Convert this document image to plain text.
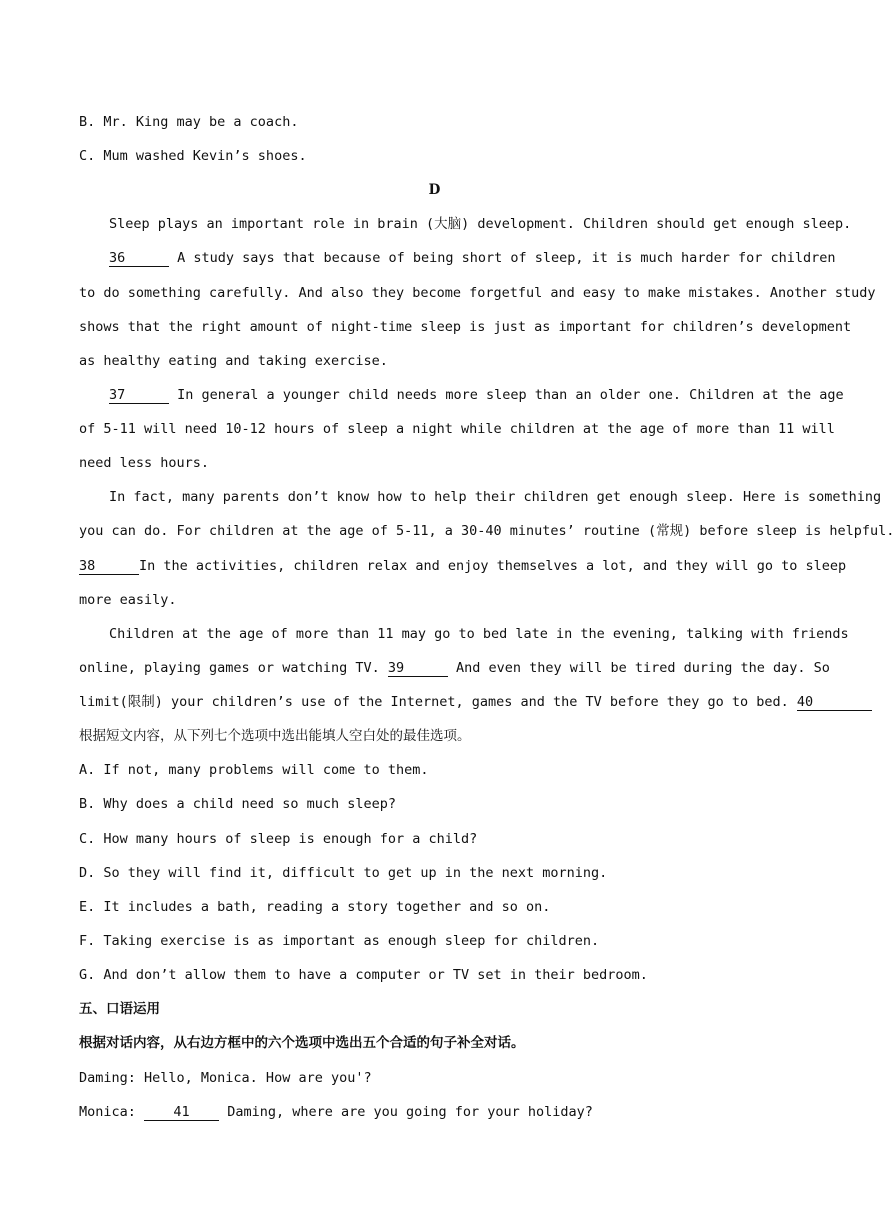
B. Mr. King may be a coach.
C. Mum washed Kevin’s shoes.
D
Sleep plays an important role in brain (大脑) development. Children should get enough sleep.
36	A study says that because of being short of sleep, it is much harder for children
to do something carefully. And also they become forgetful and easy to make mistakes. Another study
shows that the right amount of night-time sleep is just as important for children’s development
as healthy eating and taking exercise.
37	In general a younger child needs more sleep than an older one. Children at the age
of 5-11 will need 10-12 hours of sleep a night while children at the age of more than 11 will
need less hours.
In fact, many parents don’t know how to help their children get enough sleep. Here is something
you can do. For children at the age of 5-11, a 30-40 minutes’ routine (常规) before sleep is helpful.
38	In the activities, children relax and enjoy themselves a lot, and they will go to sleep
more easily.
Children at the age of more than 11 may go to bed late in the evening, talking with friends
online, playing games or watching TV. 39	And even they will be tired during the day. So
limit(限制) your children’s use of the Internet, games and the TV before they go to bed. 40
根据短文内容，从下列七个选项中选出能填人空白处的最佳选项。
A. If not, many problems will come to them.
B. Why does a child need so much sleep?
C. How many hours of sleep is enough for a child?
D. So they will find it, difficult to get up in the next morning.
E. It includes a bath, reading a story together and so on.
F. Taking exercise is as important as enough sleep for children.
G. And don’t allow them to have a computer or TV set in their bedroom.
五、口语运用
根据对话内容，从右边方框中的六个选项中选出五个合适的句子补全对话。
Daming: Hello, Monica. How are you'?
Monica:	41	Daming, where are you going for your holiday?
